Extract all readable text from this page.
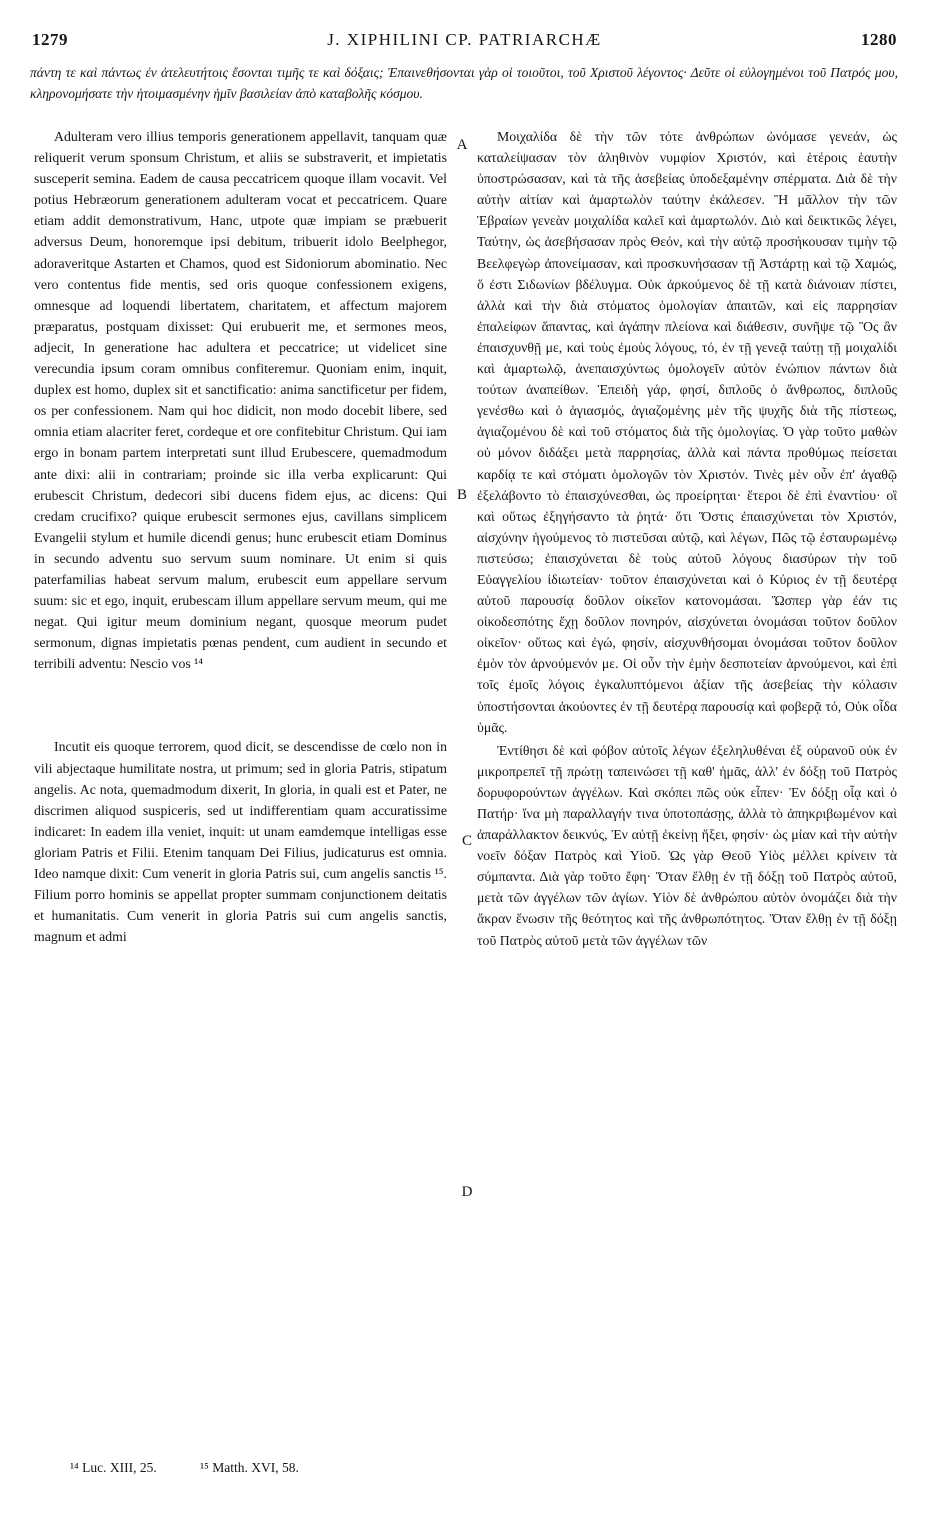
1279	J. XIPHILINI CP. PATRIARCHÆ	1280
πάντη τε καὶ πάντως ἐν ἀτελευτήτοις ἔσονται τιμῆς τε καὶ δόξαις; Ἐπαινεθήσονται γὰρ οἱ τοιοῦτοι, τοῦ Χριστοῦ λέγοντος· Δεῦτε οἱ εὐλογημένοι τοῦ Πατρός μου, κληρονομήσατε τὴν ἡτοιμασμένην ἡμῖν βασιλείαν ἀπὸ καταβολῆς κόσμου.

Adulteram vero illius temporis generationem appellavit, tanquam quæ reliquerit verum sponsum Christum, et aliis se substraverit, et impietatis susceperit semina. Eadem de causa peccatricem quoque illam vocavit. Vel potius Hebræorum generationem adulteram vocat et peccatricem. Quare etiam addit demonstrativum, Hanc, utpote quæ impiam se præbuerit adversus Deum, honoremque ipsi debitum, tribuerit idolo Beelphegor, adoraveritque Astarten et Chamos, quod est Sidoniorum abominatio. Nec vero contentus fide mentis, sed oris quoque confessionem exigens, omnesque ad loquendi libertatem, charitatem, et affectum majorem præparatus, postquam dixisset: Qui erubuerit me, et sermones meos, adjecit, In generatione hac adultera et peccatrice; ut videlicet sine verecundia ipsum coram omnibus confiteremur. Quoniam enim, inquit, duplex est homo, duplex sit et sanctificatio: anima sanctificetur per fidem, os per confessionem. Nam qui hoc didicit, non modo docebit libere, sed omnia etiam alacriter feret, cordeque et ore confitebitur Christum. Qui iam ergo in bonam partem interpretati sunt illud Erubescere, quemadmodum ante dixi: alii in contrariam; proinde sic illa verba explicarunt: Qui erubescit Christum, dedecori sibi ducens fidem ejus, ac dicens: Qui credam crucifixo? quique erubescit sermones ejus, cavillans simplicem Evangelii stylum et humile dicendi genus; hunc erubescit etiam Dominus in secundo adventu suo servum suum nominare. Ut enim si quis paterfamilias habeat servum malum, erubescit eum appellare servum suum: sic et ego, inquit, erubescam illum appellare servum meum, qui me negat. Qui igitur meum dominium negant, quosque meorum pudet sermonum, dignas impietatis pœnas pendent, cum audient in secundo et terribili adventu: Nescio vos ¹⁴

Incutit eis quoque terrorem, quod dicit, se descendisse de cœlo non in vili abjectaque humilitate nostra, ut primum; sed in gloria Patris, stipatum angelis. Ac nota, quemadmodum dixerit, In gloria, in quali est et Pater, ne discrimen aliquod suspiceris, sed ut indifferentiam quam accuratissime indicaret: In eadem illa veniet, inquit: ut unam eamdemque intelligas esse gloriam Patris et Filii. Etenim tanquam Dei Filius, judicaturus est omnia. Ideo namque dixit: Cum venerit in gloria Patris sui, cum angelis sanctis ¹⁵. Filium porro hominis se appellat propter summam conjunctionem deitatis et humanitatis. Cum venerit in gloria Patris sui cum angelis sanctis, magnum et admi

Μοιχαλίδα δὲ τὴν τῶν τότε ἀνθρώπων ὠνόμασε γενεάν, ὡς καταλείψασαν τὸν ἀληθινὸν νυμφίον Χριστόν, καὶ ἑτέροις ἑαυτὴν ὑποστρώσασαν, καὶ τὰ τῆς ἀσεβείας ὑποδεξαμένην σπέρματα. Διὰ δὲ τὴν αὐτὴν αἰτίαν καὶ ἁμαρτωλὸν ταύτην ἐκάλεσεν. Ἢ μᾶλλον τὴν τῶν Ἑβραίων γενεὰν μοιχαλίδα καλεῖ καὶ ἁμαρτωλόν. Διὸ καὶ δεικτικῶς λέγει, Ταύτην, ὡς ἀσεβήσασαν πρὸς Θεόν, καὶ τὴν αὐτῷ προσήκουσαν τιμὴν τῷ Βεελφεγὼρ ἀπονείμασαν, καὶ προσκυνήσασαν τῇ Ἀστάρτῃ καὶ τῷ Χαμώς, ὅ ἐστι Σιδωνίων βδέλυγμα. Οὐκ ἀρκούμενος δὲ τῇ κατὰ διάνοιαν πίστει, ἀλλὰ καὶ τὴν διὰ στόματος ὁμολογίαν ἀπαιτῶν, καὶ εἰς παρρησίαν ἐπαλείφων ἅπαντας, καὶ ἀγάπην πλείονα καὶ διάθεσιν, συνῆψε τῷ Ὃς ἂν ἐπαισχυνθῇ με, καὶ τοὺς ἐμοὺς λόγους, τό, ἐν τῇ γενεᾷ ταύτῃ τῇ μοιχαλίδι καὶ ἁμαρτωλῷ, ἀνεπαισχύντως ὁμολογεῖν αὐτὸν ἐνώπιον πάντων διὰ τούτων ἀναπείθων. Ἐπειδὴ γάρ, φησί, διπλοῦς ὁ ἄνθρωπος, διπλοῦς γενέσθω καὶ ὁ ἁγιασμός, ἁγιαζομένης μὲν τῆς ψυχῆς διὰ τῆς πίστεως, ἁγιαζομένου δὲ καὶ τοῦ στόματος διὰ τῆς ὁμολογίας. Ὁ γὰρ τοῦτο μαθὼν οὐ μόνον διδάξει μετὰ παρρησίας, ἀλλὰ καὶ πάντα προθύμως πείσεται καρδίᾳ τε καὶ στόματι ὁμολογῶν τὸν Χριστόν. Τινὲς μὲν οὖν ἐπ' ἀγαθῷ ἐξελάβοντο τὸ ἐπαισχύνεσθαι, ὡς προείρηται· ἕτεροι δὲ ἐπὶ ἐναντίου· οἳ καὶ οὕτως ἐξηγήσαντο τὰ ῥητά· ὅτι Ὅστις ἐπαισχύνεται τὸν Χριστόν, αἰσχύνην ἡγούμενος τὸ πιστεῦσαι αὐτῷ, καὶ λέγων, Πῶς τῷ ἐσταυρωμένῳ πιστεύσω; ἐπαισχύνεται δὲ τοὺς αὐτοῦ λόγους διασύρων τὴν τοῦ Εὐαγγελίου ἰδιωτείαν· τοῦτον ἐπαισχύνεται καὶ ὁ Κύριος ἐν τῇ δευτέρᾳ αὐτοῦ παρουσίᾳ δοῦλον οἰκεῖον κατονομάσαι. Ὥσπερ γὰρ ἐάν τις οἰκοδεσπότης ἔχῃ δοῦλον πονηρόν, αἰσχύνεται ὀνομάσαι τοῦτον δοῦλον οἰκεῖον· οὕτως καὶ ἐγώ, φησίν, αἰσχυνθήσομαι ὀνομάσαι τοῦτον δοῦλον ἐμὸν τὸν ἀρνούμενόν με. Οἱ οὖν τὴν ἐμὴν δεσποτείαν ἀρνούμενοι, καὶ ἐπὶ τοῖς ἐμοῖς λόγοις ἐγκαλυπτόμενοι ἀξίαν τῆς ἀσεβείας τὴν κόλασιν ὑποστήσονται ἀκούοντες ἐν τῇ δευτέρᾳ παρουσίᾳ καὶ φοβερᾷ τό, Οὐκ οἶδα ὑμᾶς.

Ἐντίθησι δὲ καὶ φόβον αὐτοῖς λέγων ἐξεληλυθέναι ἐξ οὐρανοῦ οὐκ ἐν μικροπρεπεῖ τῇ πρώτῃ ταπεινώσει τῇ καθ' ἡμᾶς, ἀλλ' ἐν δόξῃ τοῦ Πατρὸς δορυφορούντων ἀγγέλων. Καὶ σκόπει πῶς οὐκ εἶπεν· Ἐν δόξῃ οἷᾳ καὶ ὁ Πατήρ· ἵνα μὴ παραλλαγήν τινα ὑποτοπάσῃς, ἀλλὰ τὸ ἀπηκριβωμένον καὶ ἀπαράλλακτον δεικνύς, Ἐν αὐτῇ ἐκείνῃ ἥξει, φησίν· ὡς μίαν καὶ τὴν αὐτὴν νοεῖν δόξαν Πατρὸς καὶ Υἱοῦ. Ὡς γὰρ Θεοῦ Υἱὸς μέλλει κρίνειν τὰ σύμπαντα. Διὰ γὰρ τοῦτο ἔφη· Ὅταν ἔλθῃ ἐν τῇ δόξῃ τοῦ Πατρὸς αὐτοῦ, μετὰ τῶν ἀγγέλων τῶν ἁγίων. Υἱὸν δὲ ἀνθρώπου αὐτὸν ὀνομάζει διὰ τὴν ἄκραν ἕνωσιν τῆς θεότητος καὶ τῆς ἀνθρωπότητος. Ὅταν ἔλθῃ ἐν τῇ δόξῃ τοῦ Πατρὸς αὐτοῦ μετὰ τῶν ἀγγέλων τῶν

A
B
C
D
¹⁴ Luc. XIII, 25.	¹⁵ Matth. XVI, 58.
